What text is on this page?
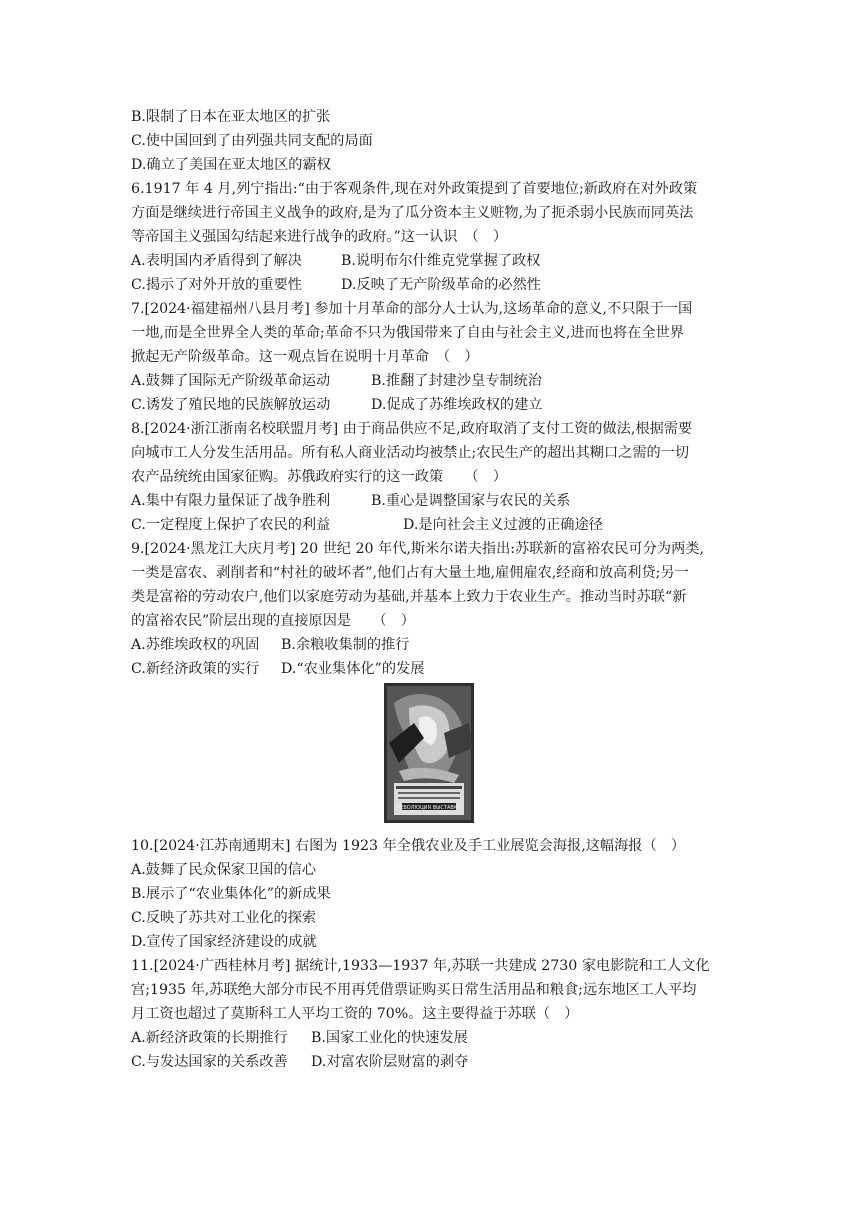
B.限制了日本在亚太地区的扩张
C.使中国回到了由列强共同支配的局面
D.确立了美国在亚太地区的霸权
6.1917 年 4 月,列宁指出:“由于客观条件,现在对外政策提到了首要地位;新政府在对外政策
方面是继续进行帝国主义战争的政府,是为了瓜分资本主义赃物,为了扼杀弱小民族而同英法
等帝国主义强国勾结起来进行战争的政府。”这一认识　（　）
A.表明国内矛盾得到了解决	B.说明布尔什维克党掌握了政权
C.揭示了对外开放的重要性	D.反映了无产阶级革命的必然性
7.[2024·福建福州八县月考] 参加十月革命的部分人士认为,这场革命的意义,不只限于一国
一地,而是全世界全人类的革命;革命不只为俄国带来了自由与社会主义,进而也将在全世界
掀起无产阶级革命。这一观点旨在说明十月革命　（　）
A.鼓舞了国际无产阶级革命运动	B.推翻了封建沙皇专制统治
C.诱发了殖民地的民族解放运动	D.促成了苏维埃政权的建立
8.[2024·浙江浙南名校联盟月考] 由于商品供应不足,政府取消了支付工资的做法,根据需要
向城市工人分发生活用品。所有私人商业活动均被禁止;农民生产的超出其糊口之需的一切
农产品统统由国家征购。苏俄政府实行的这一政策　　（　）
A.集中有限力量保证了战争胜利	B.重心是调整国家与农民的关系
C.一定程度上保护了农民的利益	D.是向社会主义过渡的正确途径
9.[2024·黑龙江大庆月考] 20 世纪 20 年代,斯米尔诺夫指出:苏联新的富裕农民可分为两类,
一类是富农、剥削者和“村社的破坏者”,他们占有大量土地,雇佣雇农,经商和放高利贷;另一
类是富裕的劳动农户,他们以家庭劳动为基础,并基本上致力于农业生产。推动当时苏联“新
的富裕农民”阶层出现的直接原因是　　（　）
A.苏维埃政权的巩固 B.余粮收集制的推行
C.新经济政策的实行 D.“农业集体化”的发展
РЕВОЛЮЦИЯ ВЫСТАВКА
10.[2024·江苏南通期末] 右图为 1923 年全俄农业及手工业展览会海报,这幅海报（　）
A.鼓舞了民众保家卫国的信心
B.展示了“农业集体化”的新成果
C.反映了苏共对工业化的探索
D.宣传了国家经济建设的成就
11.[2024·广西桂林月考] 据统计,1933—1937 年,苏联一共建成 2730 家电影院和工人文化
宫;1935 年,苏联绝大部分市民不用再凭借票证购买日常生活用品和粮食;远东地区工人平均
月工资也超过了莫斯科工人平均工资的 70%。这主要得益于苏联（　）
A.新经济政策的长期推行 B.国家工业化的快速发展
C.与发达国家的关系改善 D.对富农阶层财富的剥夺
